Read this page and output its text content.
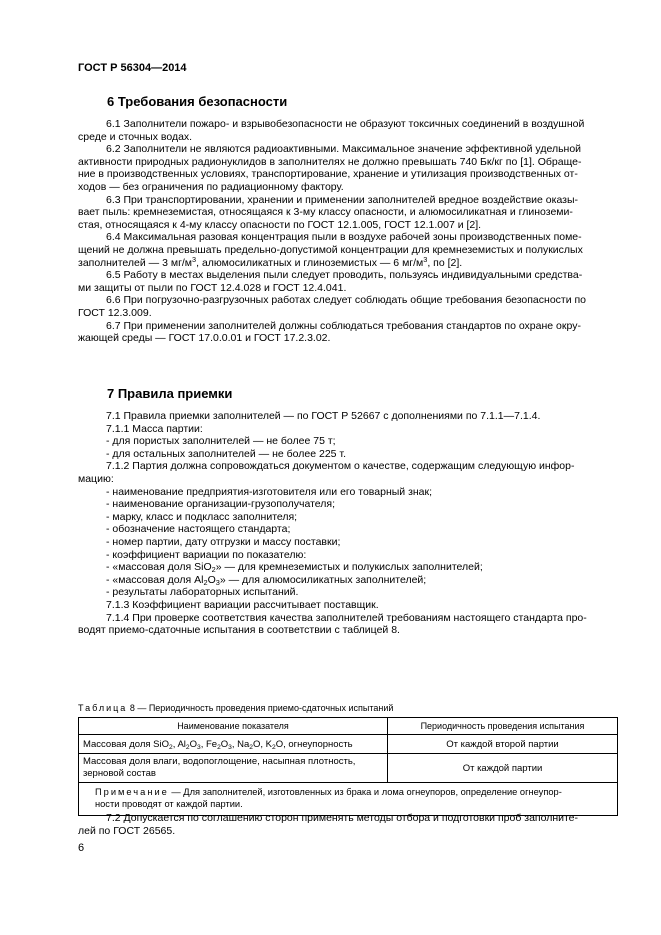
ГОСТ Р 56304—2014
6 Требования безопасности
6.1 Заполнители пожаро- и взрывобезопасности не образуют токсичных соединений в воздушной
среде и сточных водах.
6.2 Заполнители не являются радиоактивными. Максимальное значение эффективной удельной
активности природных радионуклидов в заполнителях не должно превышать 740 Бк/кг по [1]. Обраще-
ние в производственных условиях, транспортирование, хранение и утилизация производственных от-
ходов — без ограничения по радиационному фактору.
6.3 При транспортировании, хранении и применении заполнителей вредное воздействие оказы-
вает пыль: кремнеземистая, относящаяся к 3-му классу опасности, и алюмосиликатная и глиноземи-
стая, относящаяся к 4-му классу опасности по ГОСТ 12.1.005, ГОСТ 12.1.007 и [2].
6.4 Максимальная разовая концентрация пыли в воздухе рабочей зоны производственных поме-
щений не должна превышать предельно-допустимой концентрации для кремнеземистых и полукислых
заполнителей — 3 $мг/м^3$, алюмосиликатных и глиноземистых — 6 $мг/м^3$, по [2].
6.5 Работу в местах выделения пыли следует проводить, пользуясь индивидуальными средства-
ми защиты от пыли по ГОСТ 12.4.028 и ГОСТ 12.4.041.
6.6 При погрузочно-разгрузочных работах следует соблюдать общие требования безопасности по
ГОСТ 12.3.009.
6.7 При применении заполнителей должны соблюдаться требования стандартов по охране окру-
жающей среды — ГОСТ 17.0.0.01 и ГОСТ 17.2.3.02.
7 Правила приемки
7.1 Правила приемки заполнителей — по ГОСТ Р 52667 с дополнениями по 7.1.1—7.1.4.
7.1.1 Масса партии:
- для пористых заполнителей — не более 75 т;
- для остальных заполнителей — не более 225 т.
7.1.2 Партия должна сопровождаться документом о качестве, содержащим следующую инфор-
мацию:
- наименование предприятия-изготовителя или его товарный знак;
- наименование организации-грузополучателя;
- марку, класс и подкласс заполнителя;
- обозначение настоящего стандарта;
- номер партии, дату отгрузки и массу поставки;
- коэффициент вариации по показателю:
- «массовая доля SiO$_2$» — для кремнеземистых и полукислых заполнителей;
- «массовая доля $Al_2O_3$» — для алюмосиликатных заполнителей;
- результаты лабораторных испытаний.
7.1.3 Коэффициент вариации рассчитывает поставщик.
7.1.4 При проверке соответствия качества заполнителей требованиям настоящего стандарта про-
водят приемо-сдаточные испытания в соответствии с таблицей 8.
Таблица 8 — Периодичность проведения приемо-сдаточных испытаний
Наименование показателя	Периодичность проведения испытания
Массовая доля SiO$_2$, $Al_2O_3$, $Fe_2O_3$, $Na_2O$, $K_2O$, огнеупорность	От каждой второй партии
Массовая доля влаги, водопоглощение, насыпная плотность, зерновой состав	От каждой партии
Примечание — Для заполнителей, изготовленных из брака и лома огнеупоров, определение огнеупор-
ности проводят от каждой партии.	
7.2 Допускается по соглашению сторон применять методы отбора и подготовки проб заполните-
лей по ГОСТ 26565.
6
